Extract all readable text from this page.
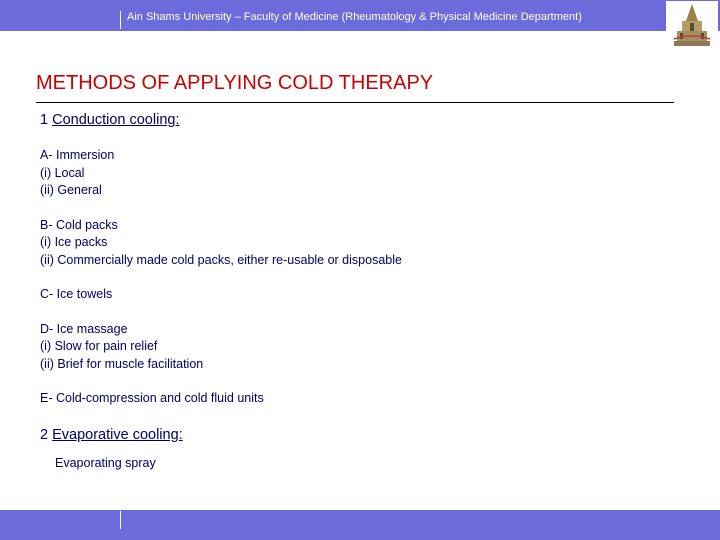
Ain Shams University – Faculty of Medicine (Rheumatology & Physical Medicine Department)
METHODS OF APPLYING COLD THERAPY
1 Conduction cooling:
A- Immersion
(i) Local
(ii) General
B- Cold packs
(i) Ice packs
(ii) Commercially made cold packs, either re-usable or disposable
C- Ice towels
D- Ice massage
(i) Slow for pain relief
(ii) Brief for muscle facilitation
E- Cold-compression and cold fluid units
2 Evaporative cooling:
Evaporating spray
